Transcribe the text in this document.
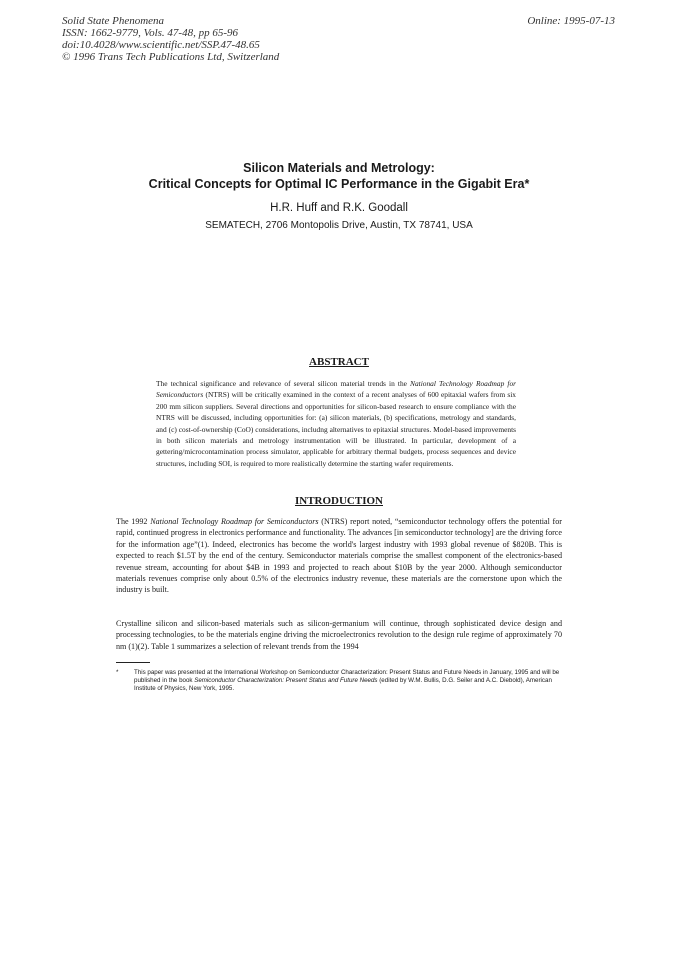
Solid State Phenomena
ISSN: 1662-9779, Vols. 47-48, pp 65-96
doi:10.4028/www.scientific.net/SSP.47-48.65
© 1996 Trans Tech Publications Ltd, Switzerland
Online: 1995-07-13
Silicon Materials and Metrology:
Critical Concepts for Optimal IC Performance in the Gigabit Era*
H.R. Huff and R.K. Goodall
SEMATECH, 2706 Montopolis Drive, Austin, TX 78741, USA
ABSTRACT
The technical significance and relevance of several silicon material trends in the National Technology Roadmap for Semiconductors (NTRS) will be critically examined in the context of a recent analyses of 600 epitaxial wafers from six 200 mm silicon suppliers. Several directions and opportunities for silicon-based research to ensure compliance with the NTRS will be discussed, including opportunities for: (a) silicon materials, (b) specifications, metrology and standards, and (c) cost-of-ownership (CoO) considerations, includng alternatives to epitaxial structures. Model-based improvements in both silicon materials and metrology instrumentation will be illustrated. In particular, development of a gettering/microcontamination process simulator, applicable for arbitrary thermal budgets, process sequences and device structures, including SOI, is required to more realistically determine the starting wafer requirements.
INTRODUCTION
The 1992 National Technology Roadmap for Semiconductors (NTRS) report noted, “semiconductor technology offers the potential for rapid, continued progress in electronics performance and functionality. The advances [in semiconductor technology] are the driving force for the information age”(1). Indeed, electronics has become the world's largest industry with 1993 global revenue of $820B. This is expected to reach $1.5T by the end of the century. Semiconductor materials comprise the smallest component of the electronics-based revenue stream, accounting for about $4B in 1993 and projected to reach about $10B by the year 2000. Although semiconductor materials revenues comprise only about 0.5% of the electronics industry revenue, these materials are the cornerstone upon which the industry is built.
Crystalline silicon and silicon-based materials such as silicon-germanium will continue, through sophisticated device design and processing technologies, to be the materials engine driving the microelectronics revolution to the design rule regime of approximately 70 nm (1)(2). Table 1 summarizes a selection of relevant trends from the 1994
*	This paper was presented at the International Workshop on Semiconductor Characterization: Present Status and Future Needs in January, 1995 and will be published in the book Semiconductor Characterization: Present Status and Future Needs (edited by W.M. Bullis, D.G. Seiler and A.C. Diebold), American Institute of Physics, New York, 1995.
